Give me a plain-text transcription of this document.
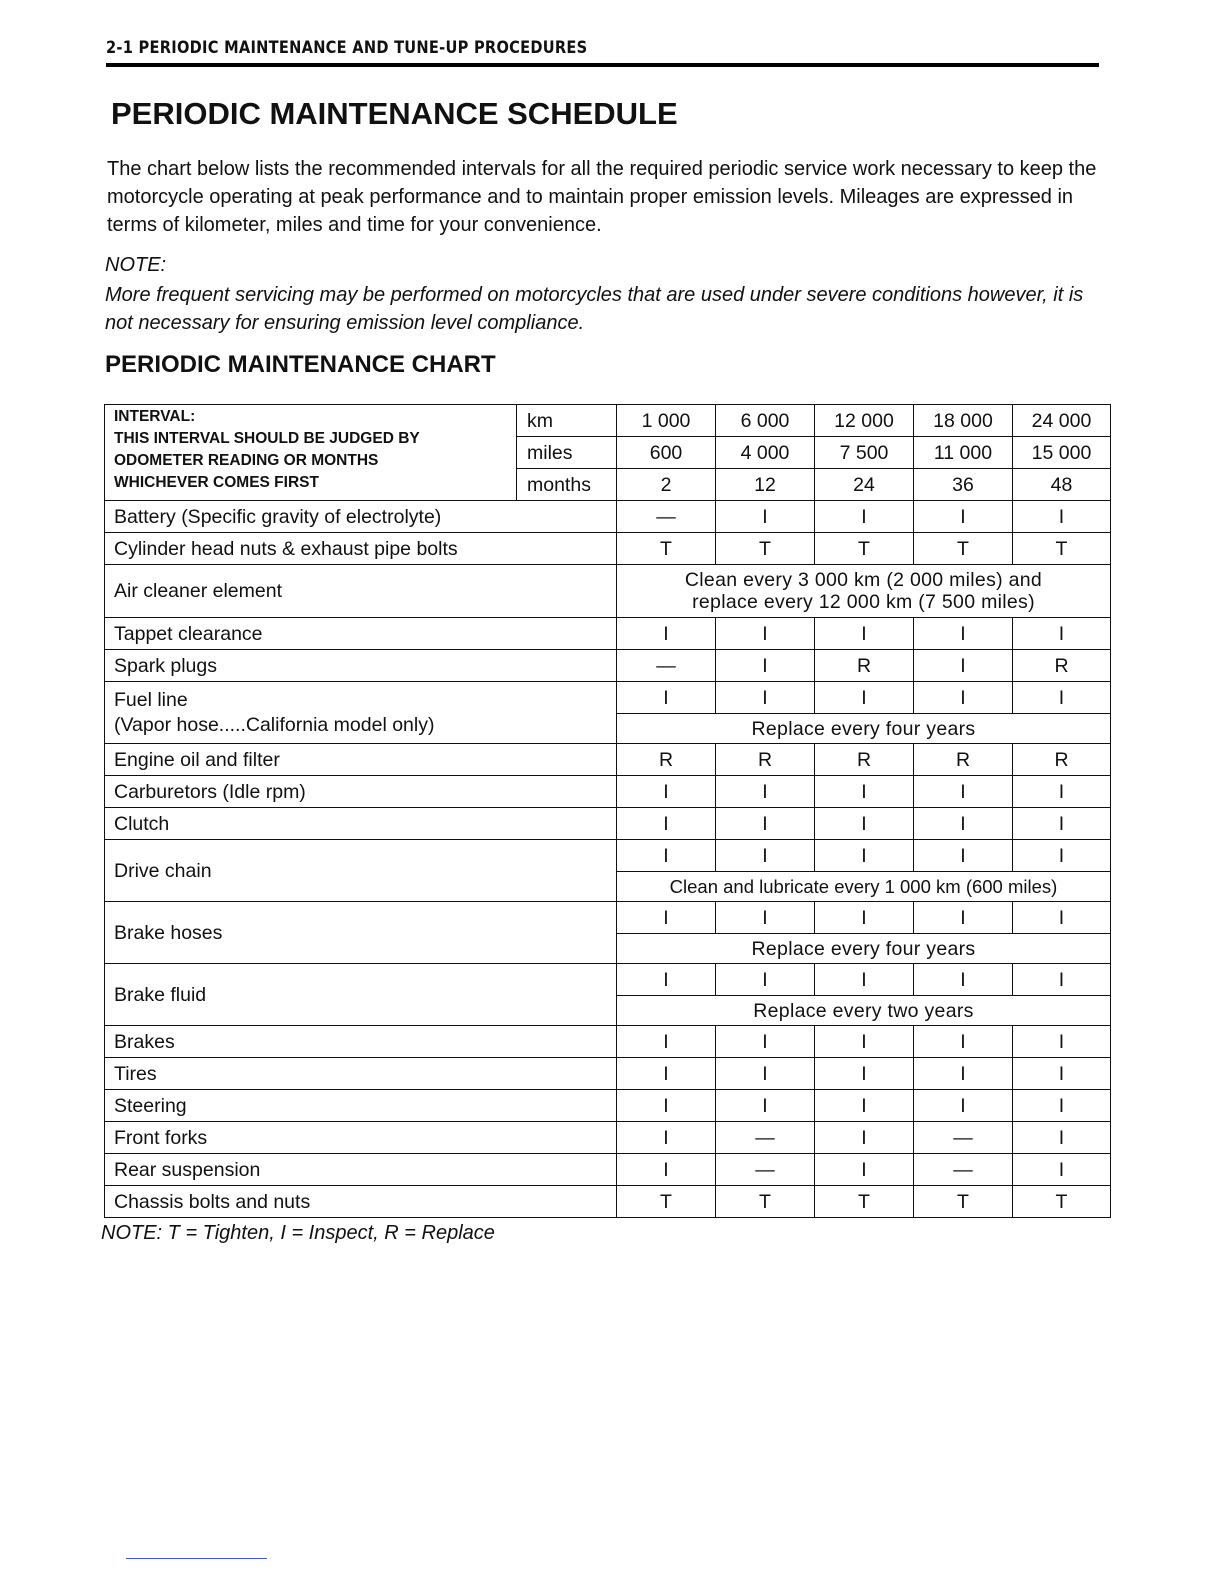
2-1 PERIODIC MAINTENANCE AND TUNE-UP PROCEDURES
PERIODIC MAINTENANCE SCHEDULE

The chart below lists the recommended intervals for all the required periodic service work necessary to keep the motorcycle operating at peak performance and to maintain proper emission levels. Mileages are expressed in terms of kilometer, miles and time for your convenience.

NOTE:

More frequent servicing may be performed on motorcycles that are used under severe conditions however, it is not necessary for ensuring emission level compliance.

PERIODIC MAINTENANCE CHART
INTERVAL:
THIS INTERVAL SHOULD BE JUDGED BY
ODOMETER READING OR MONTHS
WHICHEVER COMES FIRST	km	1 000	6 000	12 000	18 000	24 000
	miles	600	4 000	7 500	11 000	15 000
	months	2	12	24	36	48
Battery (Specific gravity of electrolyte)		—	I	I	I	I
Cylinder head nuts & exhaust pipe bolts		T	T	T	T	T
Air cleaner element		Clean every 3 000 km (2 000 miles) and
replace every 12 000 km (7 500 miles)				

Tappet clearance		I	I	I	I	I
Spark plugs		—	I	R	I	R

Fuel line
(Vapor hose.....California model only)		I	I	I	I	I
		Replace every four years				
Engine oil and filter		R	R	R	R	R
Carburetors (Idle rpm)		I	I	I	I	I
Clutch		I	I	I	I	I
Drive chain		I	I	I	I	I
		Clean and lubricate every 1 000 km (600 miles)				
Brake hoses		I	I	I	I	I
		Replace every four years				
Brake fluid		I	I	I	I	I
		Replace every two years				
Brakes		I	I	I	I	I
Tires		I	I	I	I	I
Steering		I	I	I	I	I
Front forks		I	—	I	—	I
Rear suspension		I	—	I	—	I
Chassis bolts and nuts		T	T	T	T	T

NOTE: T = Tighten, I = Inspect, R = Replace
